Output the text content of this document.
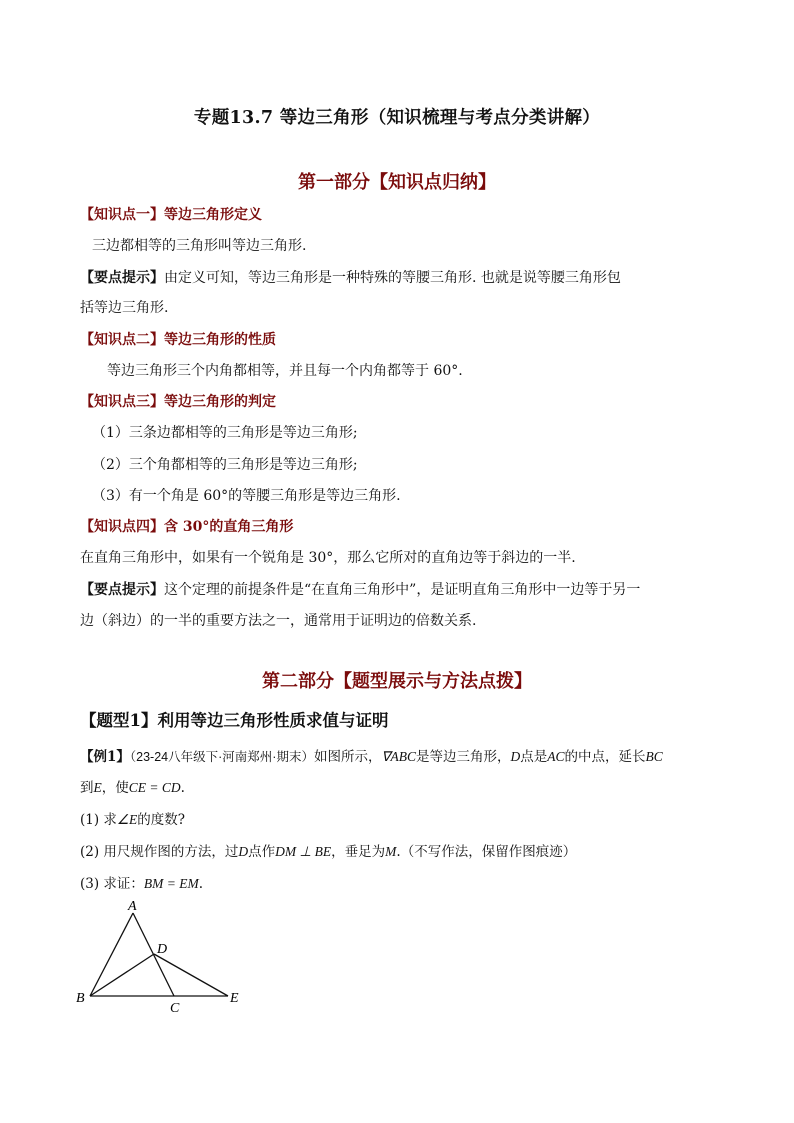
专题13.7 等边三角形（知识梳理与考点分类讲解）
第一部分【知识点归纳】
【知识点一】等边三角形定义
三边都相等的三角形叫等边三角形.
【要点提示】由定义可知，等边三角形是一种特殊的等腰三角形. 也就是说等腰三角形包
括等边三角形.
【知识点二】等边三角形的性质
等边三角形三个内角都相等，并且每一个内角都等于 60°.
【知识点三】等边三角形的判定
（1）三条边都相等的三角形是等边三角形;
（2）三个角都相等的三角形是等边三角形;
（3）有一个角是 60°的等腰三角形是等边三角形.
【知识点四】含 30°的直角三角形
在直角三角形中，如果有一个锐角是 30°，那么它所对的直角边等于斜边的一半.
【要点提示】这个定理的前提条件是“在直角三角形中”，是证明直角三角形中一边等于另一
边（斜边）的一半的重要方法之一，通常用于证明边的倍数关系.
第二部分【题型展示与方法点拨】
【题型1】利用等边三角形性质求值与证明
【例1】（23-24八年级下·河南郑州·期末）如图所示，∇ABC是等边三角形，D点是AC的中点，延长BC
到E，使CE = CD.
(1) 求∠E的度数?
(2) 用尺规作图的方法，过D点作DM ⊥ BE，垂足为M.（不写作法，保留作图痕迹）
(3) 求证：BM = EM.
A
B
C
D
E
